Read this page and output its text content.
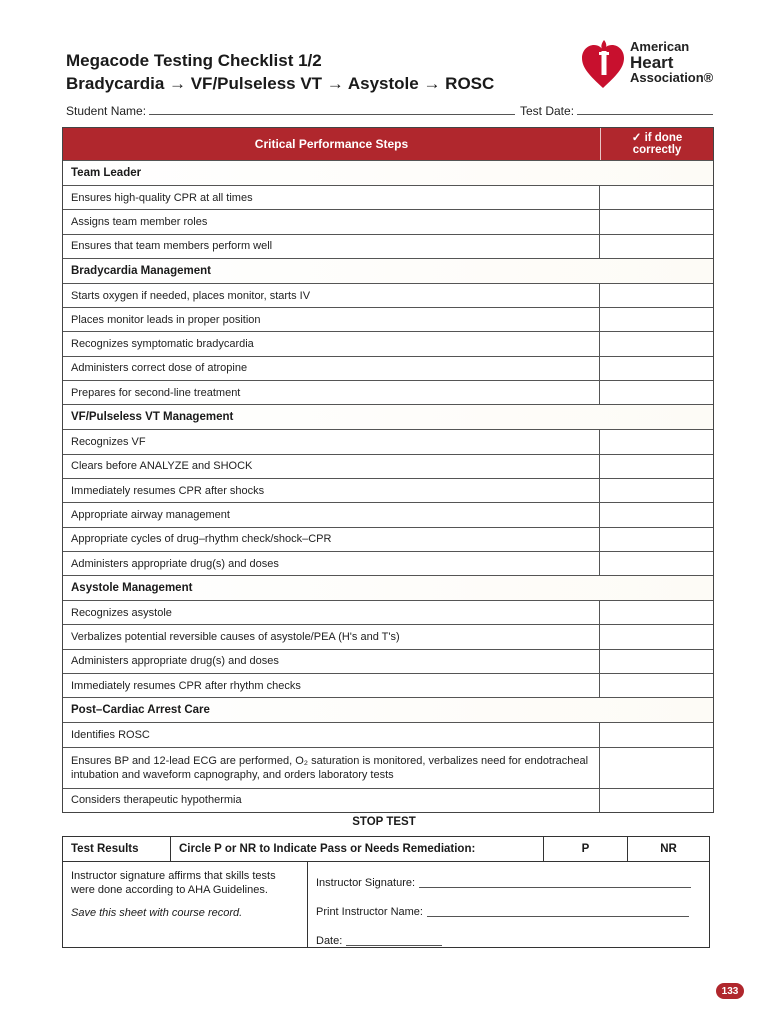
Megacode Testing Checklist 1/2
Bradycardia → VF/Pulseless VT → Asystole → ROSC
American
Heart
Association®
Student Name:	Test Date:
Critical Performance Steps	✓ if done
correctly
Team Leader
Ensures high-quality CPR at all times
Assigns team member roles
Ensures that team members perform well
Bradycardia Management
Starts oxygen if needed, places monitor, starts IV
Places monitor leads in proper position
Recognizes symptomatic bradycardia
Administers correct dose of atropine
Prepares for second-line treatment
VF/Pulseless VT Management
Recognizes VF
Clears before ANALYZE and SHOCK
Immediately resumes CPR after shocks
Appropriate airway management
Appropriate cycles of drug–rhythm check/shock–CPR
Administers appropriate drug(s) and doses
Asystole Management
Recognizes asystole
Verbalizes potential reversible causes of asystole/PEA (H's and T's)
Administers appropriate drug(s) and doses
Immediately resumes CPR after rhythm checks
Post–Cardiac Arrest Care
Identifies ROSC
Ensures BP and 12-lead ECG are performed, O₂ saturation is monitored, verbalizes need for endotracheal intubation and waveform capnography, and orders laboratory tests
Considers therapeutic hypothermia
STOP TEST
Test Results	Circle P or NR to Indicate Pass or Needs Remediation:	P	NR
Instructor signature affirms that skills tests were done according to AHA Guidelines.
Save this sheet with course record.
Instructor Signature:
Print Instructor Name:
Date:
133
